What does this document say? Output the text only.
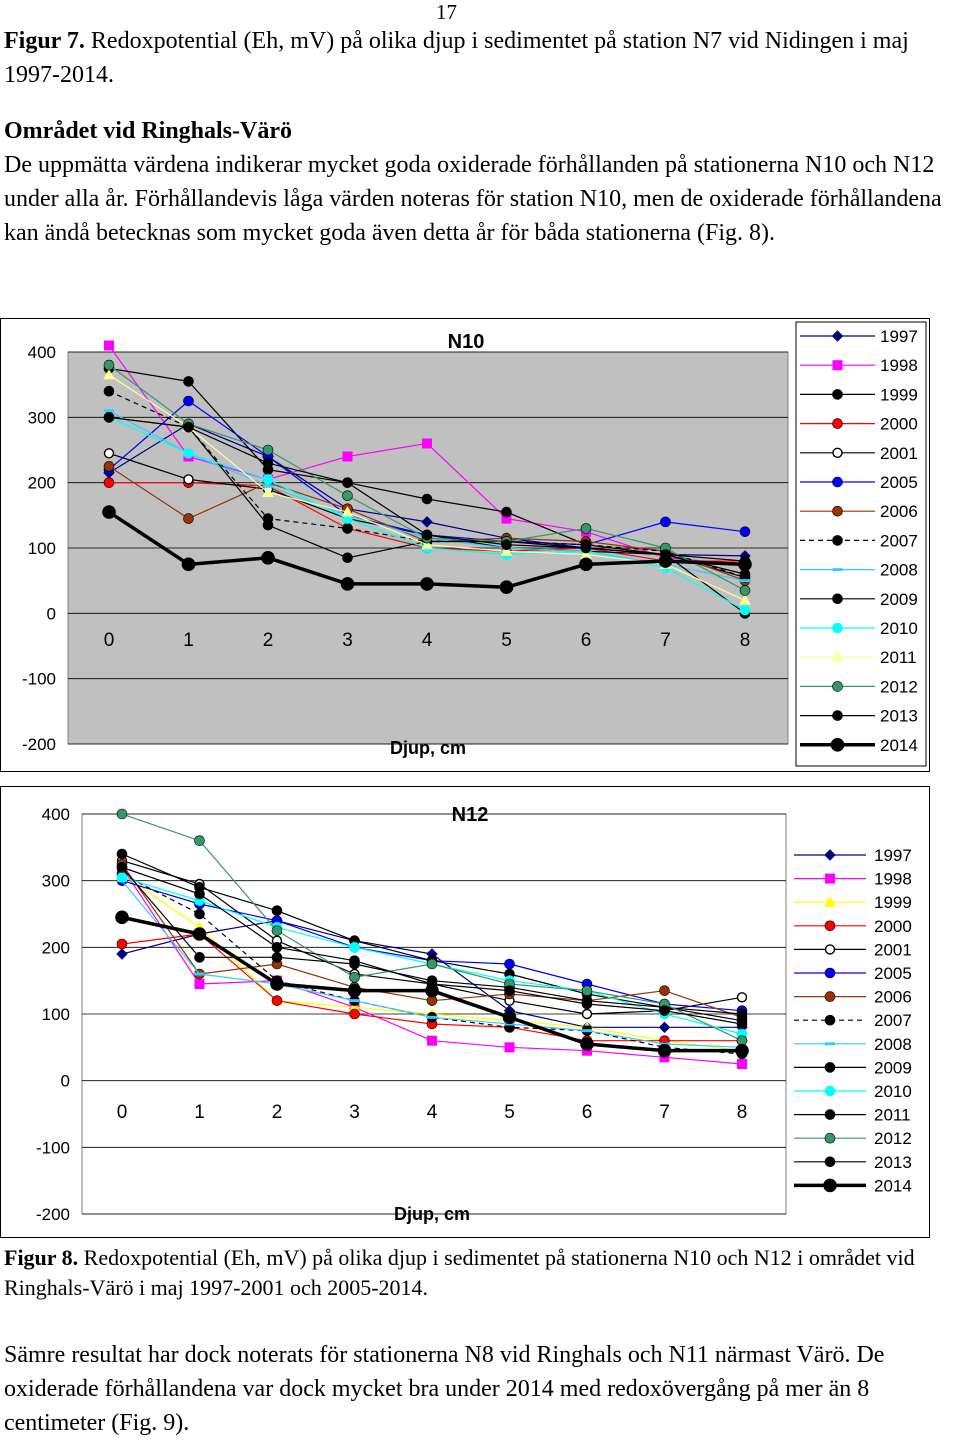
17

Figur 7. Redoxpotential (Eh, mV) på olika djup i sedimentet på station N7 vid Nidingen i maj 1997-2014.

Området vid Ringhals-Värö
De uppmätta värdena indikerar mycket goda oxiderade förhållanden på stationerna N10 och N12 under alla år. Förhållandevis låga värden noteras för station N10, men de oxiderade förhållandena kan ändå betecknas som mycket goda även detta år för båda stationerna (Fig. 8).
-200
-100
0
100
200
300
400	N10
Djup, cm
0	1	2	3	4	5	6	7	8
1997
1998
1999
2000
2001
2005
2006
2007
2008
2009
2010
2011
2012
2013
2014
-200
-100
0
100
200
300
400	N12
Djup, cm
0	1	2	3	4	5	6	7	8
1997
1998
1999
2000
2001
2005
2006
2007
2008
2009
2010
2011
2012
2013
2014

Figur 8. Redoxpotential (Eh, mV) på olika djup i sedimentet på stationerna N10 och N12 i området vid Ringhals-Värö i maj 1997-2001 och 2005-2014.

Sämre resultat har dock noterats för stationerna N8 vid Ringhals och N11 närmast Värö. De oxiderade förhållandena var dock mycket bra under 2014 med redoxövergång på mer än 8 centimeter (Fig. 9).
